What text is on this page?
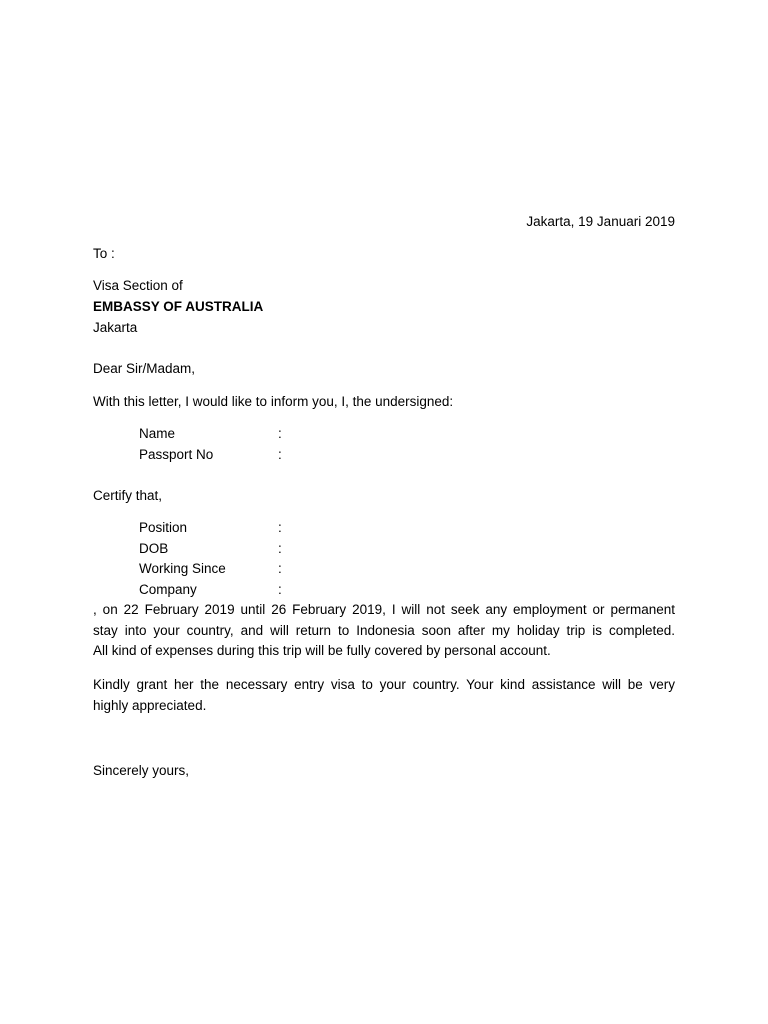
Jakarta, 19 Januari 2019
To :
Visa Section of
EMBASSY OF AUSTRALIA
Jakarta
Dear Sir/Madam,
With this letter, I would like to inform you, I, the undersigned:
Name	:
Passport No	:
Certify that,
Position	:
DOB	:
Working Since	:
Company	:
, on 22 February 2019 until 26 February 2019, I will not seek any employment or permanent
stay into your country, and will return to Indonesia soon after my holiday trip is completed.
All kind of expenses during this trip will be fully covered by personal account.
Kindly grant her the necessary entry visa to your country. Your kind assistance will be very
highly appreciated.
Sincerely yours,
